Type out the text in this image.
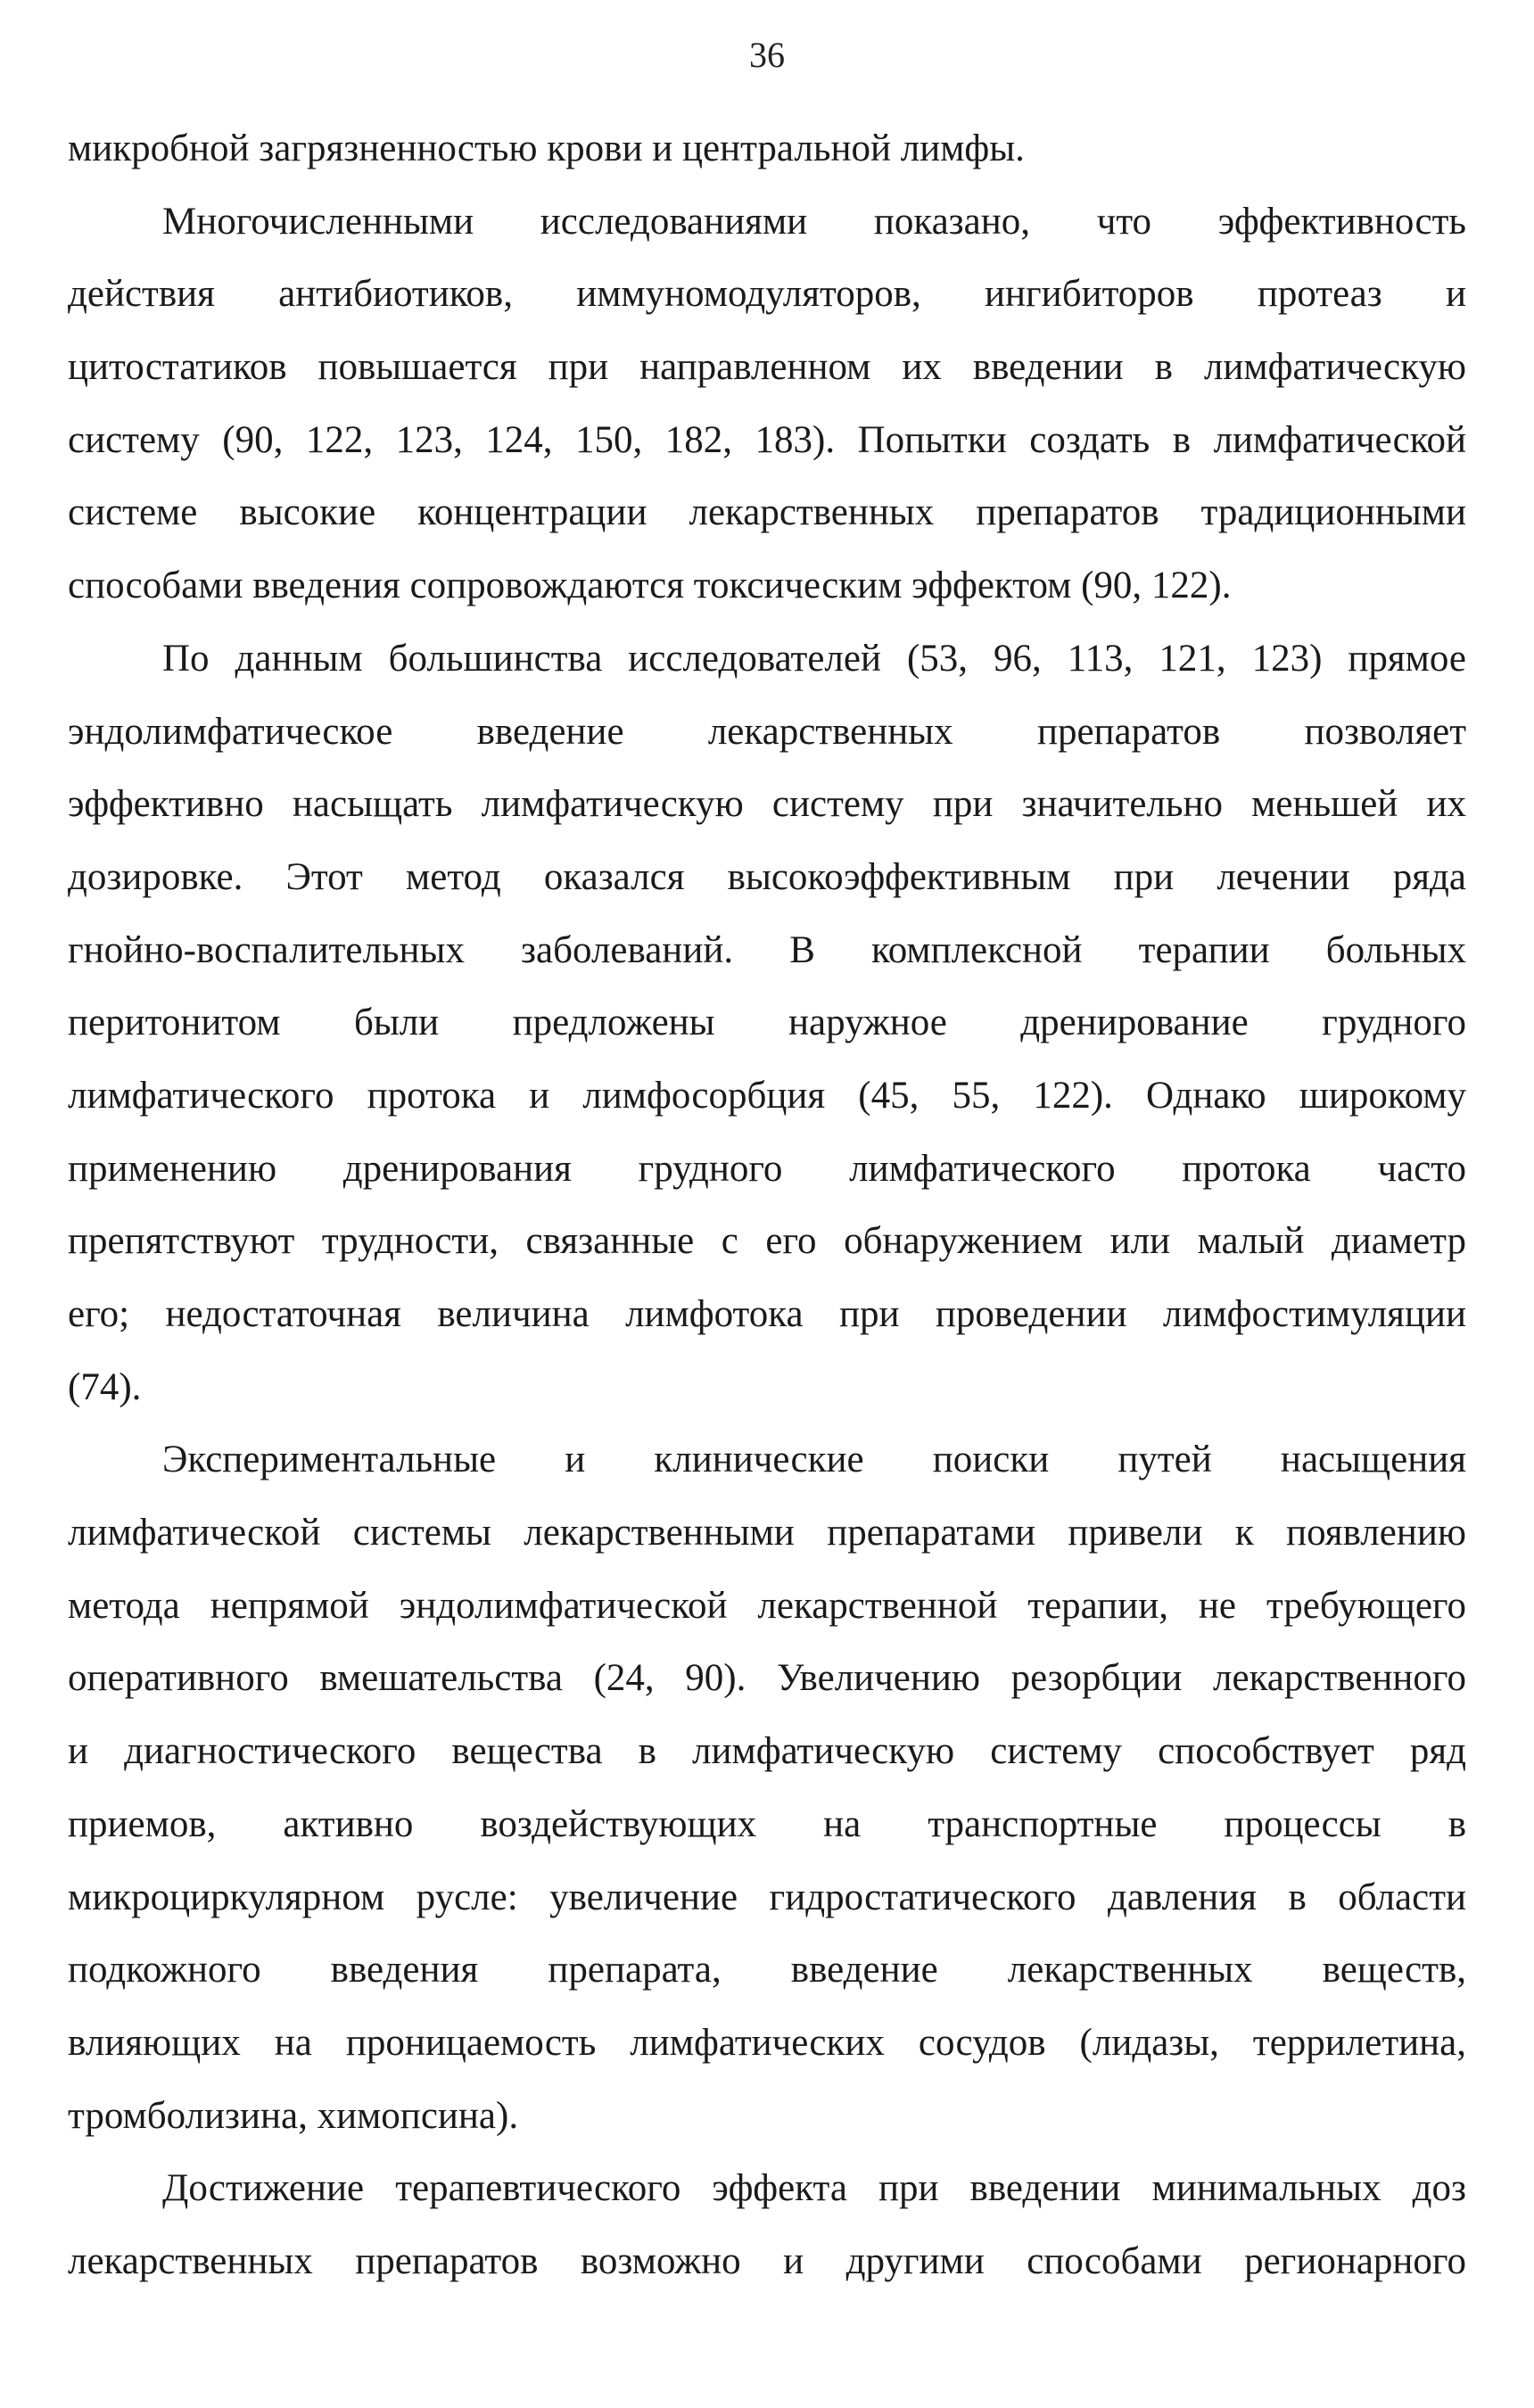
36
микробной загрязненностью крови и центральной лимфы.
Многочисленными исследованиями показано, что эффективность
действия антибиотиков, иммуномодуляторов, ингибиторов протеаз и
цитостатиков повышается при направленном их введении в лимфатическую
систему (90, 122, 123, 124, 150, 182, 183). Попытки создать в лимфатической
системе высокие концентрации лекарственных препаратов традиционными
способами введения сопровождаются токсическим эффектом (90, 122).
По данным большинства исследователей (53, 96, 113, 121, 123) прямое
эндолимфатическое введение лекарственных препаратов позволяет
эффективно насыщать лимфатическую систему при значительно меньшей их
дозировке. Этот метод оказался высокоэффективным при лечении ряда
гнойно-воспалительных заболеваний. В комплексной терапии больных
перитонитом были предложены наружное дренирование грудного
лимфатического протока и лимфосорбция (45, 55, 122). Однако широкому
применению дренирования грудного лимфатического протока часто
препятствуют трудности, связанные с его обнаружением или малый диаметр
его; недостаточная величина лимфотока при проведении лимфостимуляции
(74).
Экспериментальные и клинические поиски путей насыщения
лимфатической системы лекарственными препаратами привели к появлению
метода непрямой эндолимфатической лекарственной терапии, не требующего
оперативного вмешательства (24, 90). Увеличению резорбции лекарственного
и диагностического вещества в лимфатическую систему способствует ряд
приемов, активно воздействующих на транспортные процессы в
микроциркулярном русле: увеличение гидростатического давления в области
подкожного введения препарата, введение лекарственных веществ,
влияющих на проницаемость лимфатических сосудов (лидазы, террилетина,
тромболизина, химопсина).
Достижение терапевтического эффекта при введении минимальных доз
лекарственных препаратов возможно и другими способами регионарного
